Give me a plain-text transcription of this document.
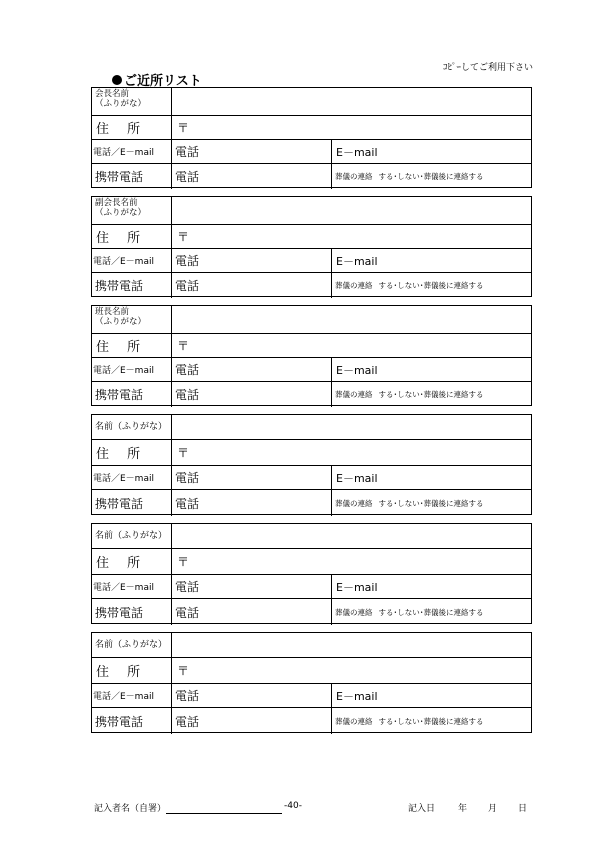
ｺﾋﾟｰしてご利用下さい
ご近所リスト
会長名前
（ふりがな）
住 所	〒
電話／E－mail	電話	E－mail
携帯電話	電話	葬儀の連絡 する･しない･葬儀後に連絡する
副会長名前
（ふりがな）
住 所	〒
電話／E－mail	電話	E－mail
携帯電話	電話	葬儀の連絡 する･しない･葬儀後に連絡する
班長名前
（ふりがな）
住 所	〒
電話／E－mail	電話	E－mail
携帯電話	電話	葬儀の連絡 する･しない･葬儀後に連絡する
名前（ふりがな）
住 所	〒
電話／E－mail	電話	E－mail
携帯電話	電話	葬儀の連絡 する･しない･葬儀後に連絡する
名前（ふりがな）
住 所	〒
電話／E－mail	電話	E－mail
携帯電話	電話	葬儀の連絡 する･しない･葬儀後に連絡する
名前（ふりがな）
住 所	〒
電話／E－mail	電話	E－mail
携帯電話	電話	葬儀の連絡 する･しない･葬儀後に連絡する
記入者名（自署）	-40-	記入日	年 月 日
